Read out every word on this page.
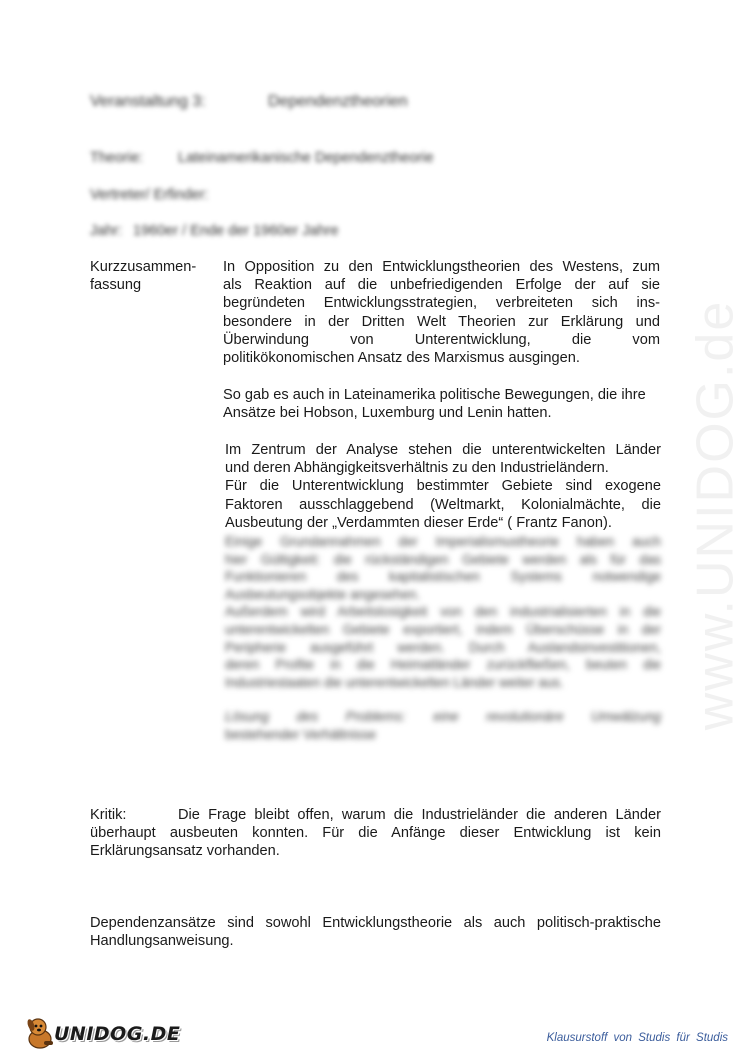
www.UNIDOG.de
Veranstaltung 3:	Dependenztheorien
Theorie: Lateinamerikanische Dependenztheorie
Vertreter/ Erfinder:
Jahr: 1960er / Ende der 1960er Jahre
Kurzzusammen-
fassung
In Opposition zu den Entwicklungstheorien des Westens, zum
als Reaktion auf die unbefriedigenden Erfolge der auf sie
begründeten Entwicklungsstrategien, verbreiteten sich ins-
besondere in der Dritten Welt Theorien zur Erklärung und
Überwindung von Unterentwicklung, die vom
politikökonomischen Ansatz des Marxismus ausgingen.
So gab es auch in Lateinamerika politische Bewegungen, die ihre
Ansätze bei Hobson, Luxemburg und Lenin hatten.
Im Zentrum der Analyse stehen die unterentwickelten Länder
und deren Abhängigkeitsverhältnis zu den Industrieländern.
Für die Unterentwicklung bestimmter Gebiete sind exogene
Faktoren ausschlaggebend (Weltmarkt, Kolonialmächte, die
Ausbeutung der „Verdammten dieser Erde“ ( Frantz Fanon).
Einige Grundannahmen der Imperialismustheorie haben auch
hier Gültigkeit: die rückständigen Gebiete werden als für das
Funktionieren des kapitalistischen Systems notwendige
Ausbeutungsobjekte angesehen.
Außerdem wird Arbeitslosigkeit von den industrialisierten in die
unterentwickelten Gebiete exportiert, indem Überschüsse in der
Peripherie ausgeführt werden. Durch Auslandsinvestitionen,
deren Profite in die Heimatländer zurückfließen, beuten die
Industriestaaten die unterentwickelten Länder weiter aus.
Lösung des Problems: eine revolutionäre Umwälzung
bestehender Verhältnisse
Kritik:	Die Frage bleibt offen, warum die Industrieländer die anderen Länder
überhaupt ausbeuten konnten. Für die Anfänge dieser Entwicklung ist kein
Erklärungsansatz vorhanden.
Dependenzansätze sind sowohl Entwicklungstheorie als auch politisch-praktische
Handlungsanweisung.
UNIDOG.DE	Klausurstoff von Studis für Studis
